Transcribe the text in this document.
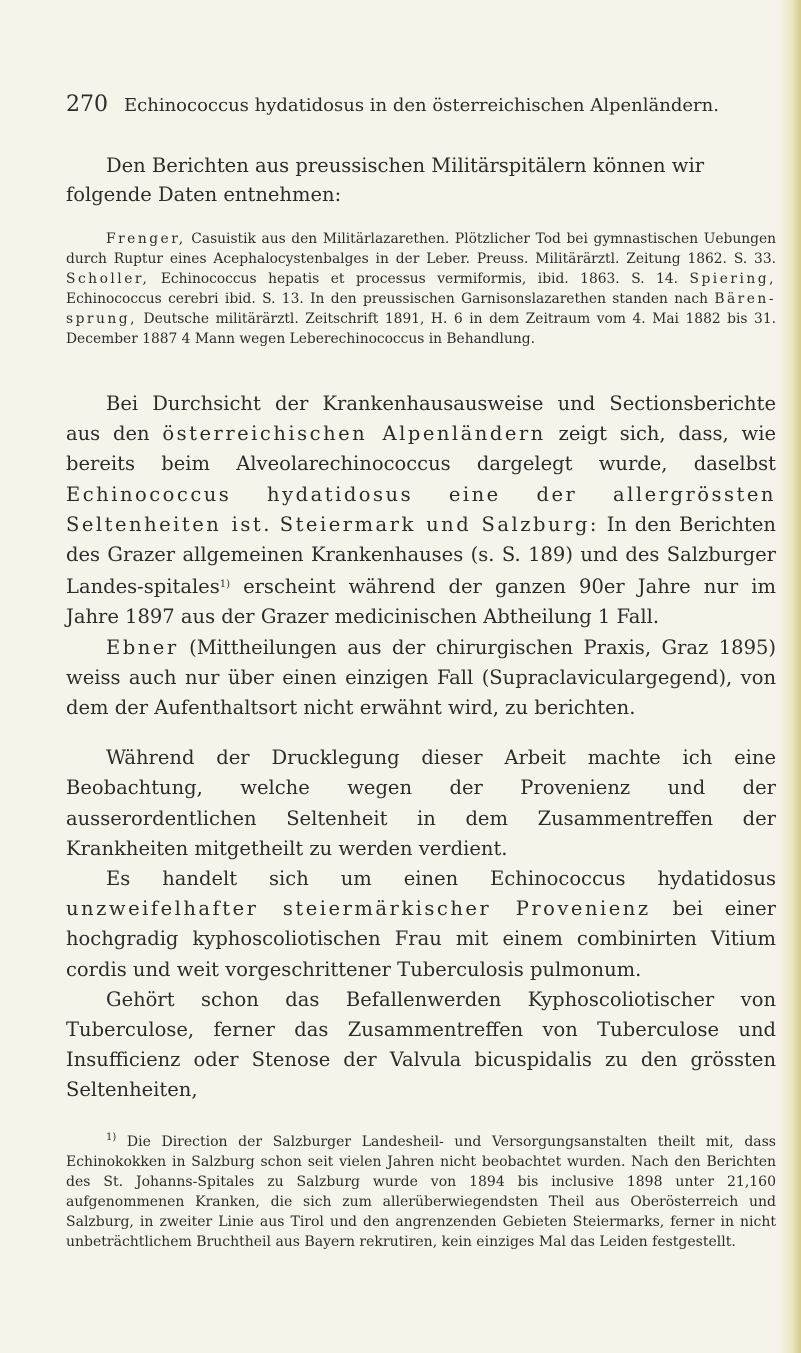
270 Echinococcus hydatidosus in den österreichischen Alpenländern.
Den Berichten aus preussischen Militärspitälern können wir
folgende Daten entnehmen:

Frenger, Casuistik aus den Militärlazarethen. Plötzlicher Tod bei gymnastischen Uebungen durch Ruptur eines Acephalocystenbalges in der Leber. Preuss. Militärärztl. Zeitung 1862. S. 33. Scholler, Echinococcus hepatis et processus vermiformis, ibid. 1863. S. 14. Spiering, Echinococcus cerebri ibid. S. 13. In den preussischen Garnisonslazarethen standen nach Bären-sprung, Deutsche militärärztl. Zeitschrift 1891, H. 6 in dem Zeitraum vom 4. Mai 1882 bis 31. December 1887 4 Mann wegen Leberechinococcus in Behandlung.

Bei Durchsicht der Krankenhausausweise und Sectionsberichte aus den österreichischen Alpenländern zeigt sich, dass, wie bereits beim Alveolarechinococcus dargelegt wurde, daselbst Echinococcus hydatidosus eine der allergrössten Seltenheiten ist. Steiermark und Salzburg: In den Berichten des Grazer allgemeinen Krankenhauses (s. S. 189) und des Salzburger Landes-spitales$^{1)}$ erscheint während der ganzen 90er Jahre nur im Jahre 1897 aus der Grazer medicinischen Abtheilung 1 Fall.

Ebner (Mittheilungen aus der chirurgischen Praxis, Graz 1895) weiss auch nur über einen einzigen Fall (Supraclaviculargegend), von dem der Aufenthaltsort nicht erwähnt wird, zu berichten.

Während der Drucklegung dieser Arbeit machte ich eine Beobachtung, welche wegen der Provenienz und der ausserordentlichen Seltenheit in dem Zusammentreffen der Krankheiten mitgetheilt zu werden verdient.

Es handelt sich um einen Echinococcus hydatidosus unzweifelhafter steiermärkischer Provenienz bei einer hochgradig kyphoscoliotischen Frau mit einem combinirten Vitium cordis und weit vorgeschrittener Tuberculosis pulmonum.

Gehört schon das Befallenwerden Kyphoscoliotischer von Tuberculose, ferner das Zusammentreffen von Tuberculose und Insufficienz oder Stenose der Valvula bicuspidalis zu den grössten Seltenheiten,

$^{1)}$ Die Direction der Salzburger Landesheil- und Versorgungsanstalten theilt mit, dass Echinokokken in Salzburg schon seit vielen Jahren nicht beobachtet wurden. Nach den Berichten des St. Johanns-Spitales zu Salzburg wurde von 1894 bis inclusive 1898 unter 21,160 aufgenommenen Kranken, die sich zum allerüberwiegendsten Theil aus Oberösterreich und Salzburg, in zweiter Linie aus Tirol und den angrenzenden Gebieten Steiermarks, ferner in nicht unbeträchtlichem Bruchtheil aus Bayern rekrutiren, kein einziges Mal das Leiden festgestellt.
